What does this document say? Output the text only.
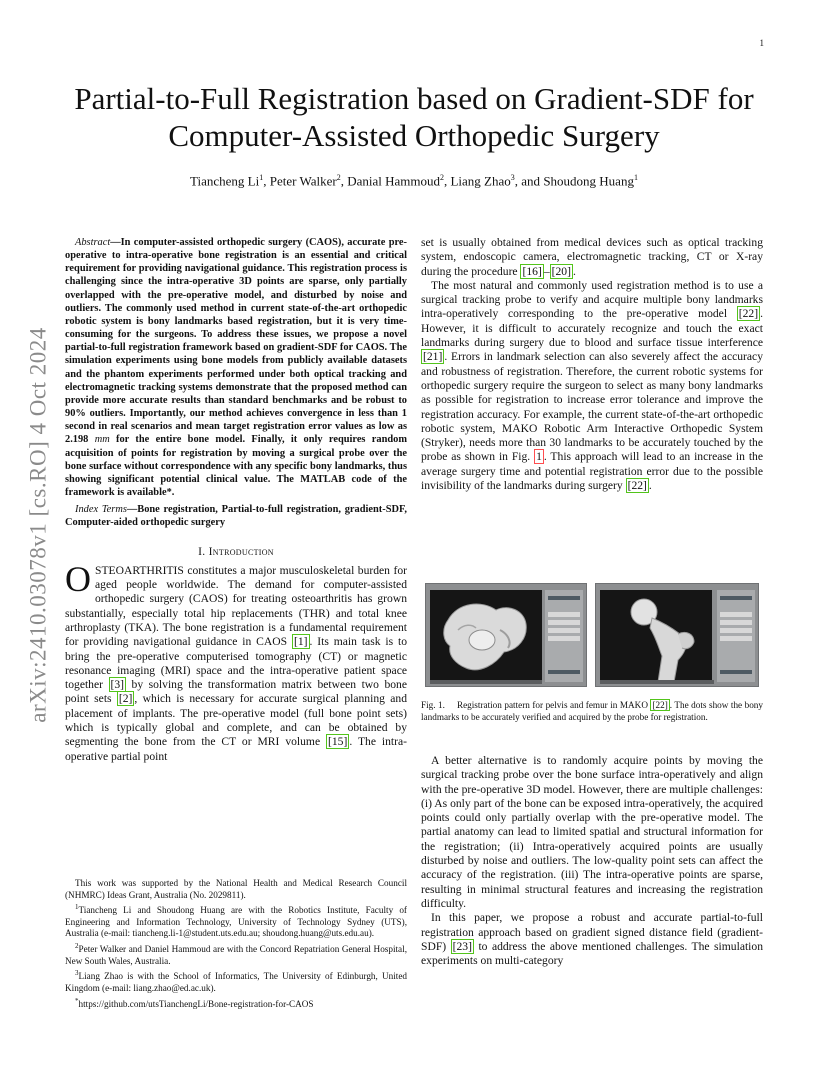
1
arXiv:2410.03078v1 [cs.RO] 4 Oct 2024
Partial-to-Full Registration based on Gradient-SDF for Computer-Assisted Orthopedic Surgery
Tiancheng Li$^1$, Peter Walker$^2$, Danial Hammoud$^2$, Liang Zhao$^3$, and Shoudong Huang$^1$

Abstract—In computer-assisted orthopedic surgery (CAOS), accurate pre-operative to intra-operative bone registration is an essential and critical requirement for providing navigational guidance. This registration process is challenging since the intra-operative 3D points are sparse, only partially overlapped with the pre-operative model, and disturbed by noise and outliers. The commonly used method in current state-of-the-art orthopedic robotic system is bony landmarks based registration, but it is very time-consuming for the surgeons. To address these issues, we propose a novel partial-to-full registration framework based on gradient-SDF for CAOS. The simulation experiments using bone models from publicly available datasets and the phantom experiments performed under both optical tracking and electromagnetic tracking systems demonstrate that the proposed method can provide more accurate results than standard benchmarks and be robust to 90% outliers. Importantly, our method achieves convergence in less than 1 second in real scenarios and mean target registration error values as low as 2.198 mm for the entire bone model. Finally, it only requires random acquisition of points for registration by moving a surgical probe over the bone surface without correspondence with any specific bony landmarks, thus showing significant potential clinical value. The MATLAB code of the framework is available*.

Index Terms—Bone registration, Partial-to-full registration, gradient-SDF, Computer-aided orthopedic surgery

I. Introduction

OSTEOARTHRITIS constitutes a major musculoskeletal burden for aged people worldwide. The demand for computer-assisted orthopedic surgery (CAOS) for treating osteoarthritis has grown substantially, especially total hip replacements (THR) and total knee arthroplasty (TKA). The bone registration is a fundamental requirement for providing navigational guidance in CAOS [1] . Its main task is to bring the pre-operative computerised tomography (CT) or magnetic resonance imaging (MRI) space and the intra-operative patient space together [3] by solving the transformation matrix between two bone point sets [2] , which is necessary for accurate surgical planning and placement of implants. The pre-operative model (full bone point sets) which is typically global and complete, and can be obtained by segmenting the bone from the CT or MRI volume [15] . The intra-operative partial point

This work was supported by the National Health and Medical Research Council (NHMRC) Ideas Grant, Australia (No. 2029811).

$^1$Tiancheng Li and Shoudong Huang are with the Robotics Institute, Faculty of Engineering and Information Technology, University of Technology Sydney (UTS), Australia (e-mail: tiancheng.li-1@student.uts.edu.au; shoudong.huang@uts.edu.au).

$^2$Peter Walker and Daniel Hammoud are with the Concord Repatriation General Hospital, New South Wales, Australia.

$^3$Liang Zhao is with the School of Informatics, The University of Edinburgh, United Kingdom (e-mail: liang.zhao@ed.ac.uk).

*https://github.com/utsTianchengLi/Bone-registration-for-CAOS

set is usually obtained from medical devices such as optical tracking system, endoscopic camera, electromagnetic tracking, CT or X-ray during the procedure [16] – [20] .

The most natural and commonly used registration method is to use a surgical tracking probe to verify and acquire multiple bony landmarks intra-operatively corresponding to the pre-operative model [22] . However, it is difficult to accurately recognize and touch the exact landmarks during surgery due to blood and surface tissue interference [21] . Errors in landmark selection can also severely affect the accuracy and robustness of registration. Therefore, the current robotic systems for orthopedic surgery require the surgeon to select as many bony landmarks as possible for registration to increase error tolerance and improve the registration accuracy. For example, the current state-of-the-art orthopedic robotic system, MAKO Robotic Arm Interactive Orthopedic System (Stryker), needs more than 30 landmarks to be accurately touched by the probe as shown in Fig. 1 . This approach will lead to an increase in the average surgery time and potential registration error due to the possible invisibility of the landmarks during surgery [22] .

Fig. 1. Registration pattern for pelvis and femur in MAKO [22] . The dots show the bony landmarks to be accurately verified and acquired by the probe for registration.

A better alternative is to randomly acquire points by moving the surgical tracking probe over the bone surface intra-operatively and align with the pre-operative 3D model. However, there are multiple challenges: (i) As only part of the bone can be exposed intra-operatively, the acquired points could only partially overlap with the pre-operative model. The partial anatomy can lead to limited spatial and structural information for the registration; (ii) Intra-operatively acquired points are usually disturbed by noise and outliers. The low-quality point sets can affect the accuracy of the registration. (iii) The intra-operative points are sparse, resulting in minimal structural features and increasing the registration difficulty.

In this paper, we propose a robust and accurate partial-to-full registration approach based on gradient signed distance field (gradient-SDF) [23] to address the above mentioned challenges. The simulation experiments on multi-category
